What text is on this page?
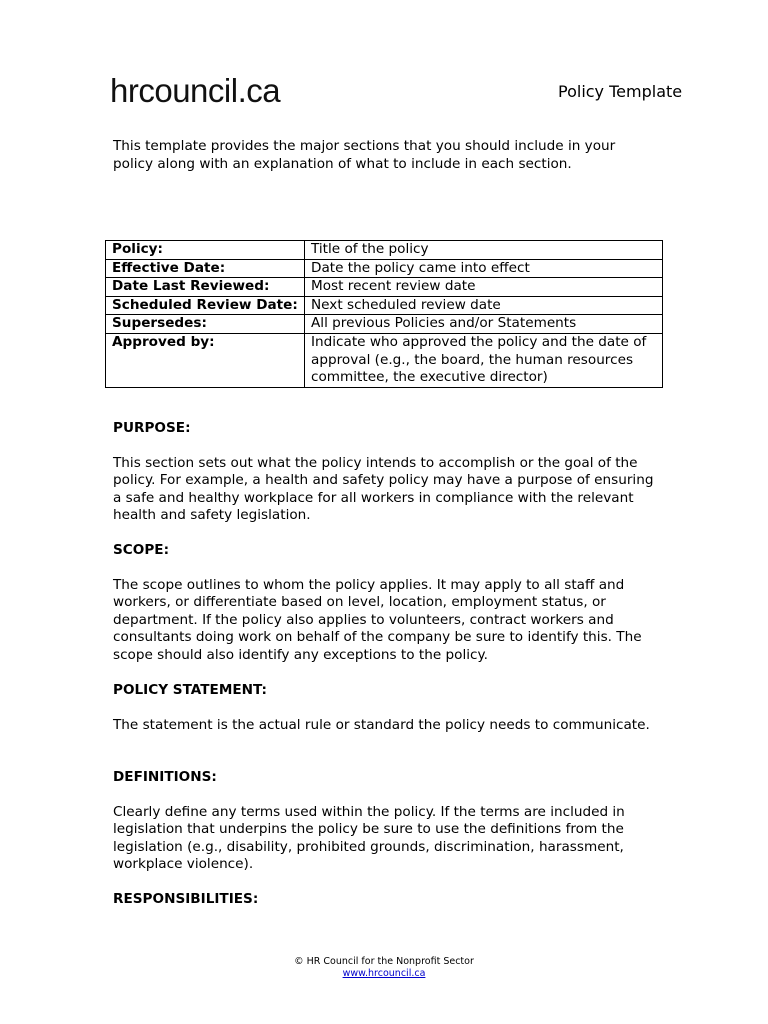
hrcouncil.ca	Policy Template

This template provides the major sections that you should include in your policy along with an explanation of what to include in each section.

Policy:	Title of the policy
Effective Date:	Date the policy came into effect
Date Last Reviewed:	Most recent review date
Scheduled Review Date:	Next scheduled review date
Supersedes:	All previous Policies and/or Statements
Approved by:	Indicate who approved the policy and the date of approval (e.g., the board, the human resources committee, the executive director)

PURPOSE:

This section sets out what the policy intends to accomplish or the goal of the policy. For example, a health and safety policy may have a purpose of ensuring a safe and healthy workplace for all workers in compliance with the relevant health and safety legislation.

SCOPE:

The scope outlines to whom the policy applies. It may apply to all staff and workers, or differentiate based on level, location, employment status, or department. If the policy also applies to volunteers, contract workers and consultants doing work on behalf of the company be sure to identify this. The scope should also identify any exceptions to the policy.

POLICY STATEMENT:

The statement is the actual rule or standard the policy needs to communicate.

DEFINITIONS:

Clearly define any terms used within the policy. If the terms are included in legislation that underpins the policy be sure to use the definitions from the legislation (e.g., disability, prohibited grounds, discrimination, harassment, workplace violence).

RESPONSIBILITIES:

© HR Council for the Nonprofit Sector
www.hrcouncil.ca
